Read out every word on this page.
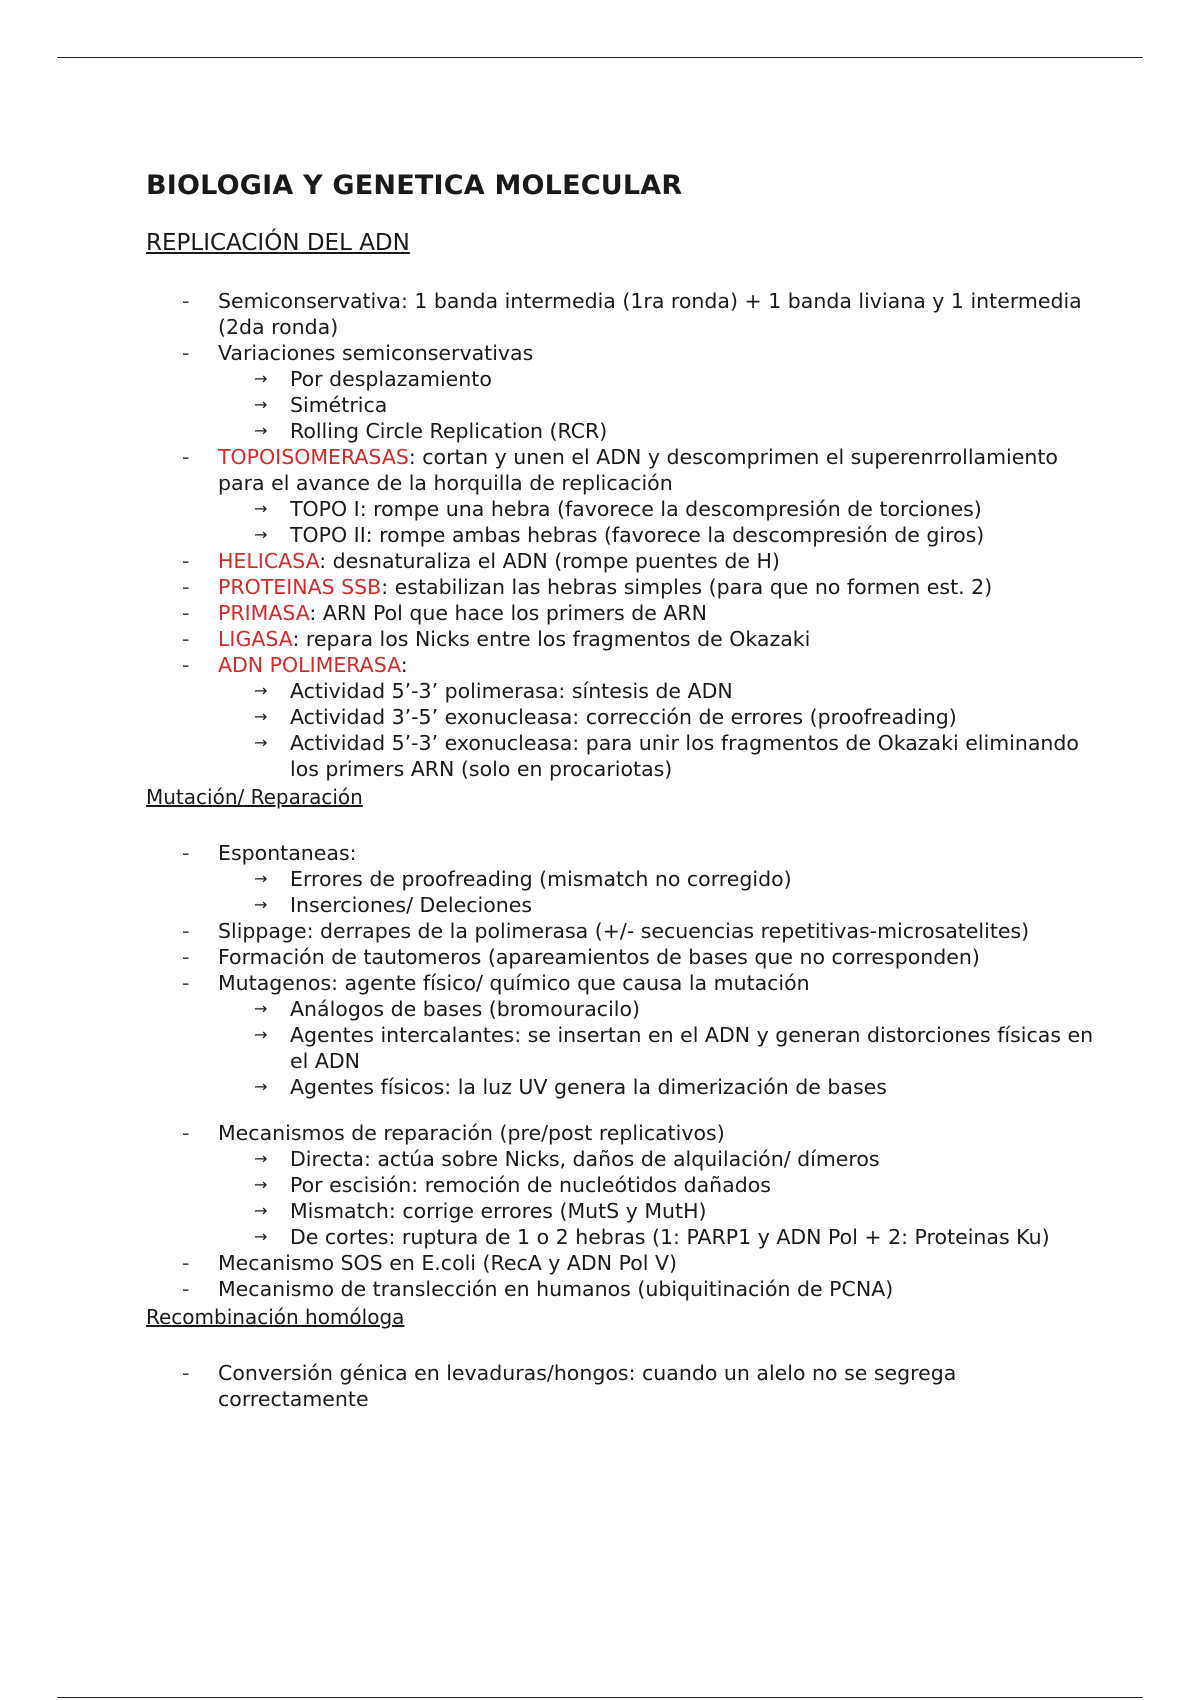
BIOLOGIA Y GENETICA MOLECULAR
REPLICACIÓN DEL ADN
- Semiconservativa: 1 banda intermedia (1ra ronda) + 1 banda liviana y 1 intermedia (2da ronda)
- Variaciones semiconservativas
→ Por desplazamiento
→ Simétrica
→ Rolling Circle Replication (RCR)
- TOPOISOMERASAS: cortan y unen el ADN y descomprimen el superenrrollamiento para el avance de la horquilla de replicación
→ TOPO I: rompe una hebra (favorece la descompresión de torciones)
→ TOPO II: rompe ambas hebras (favorece la descompresión de giros)
- HELICASA: desnaturaliza el ADN (rompe puentes de H)
- PROTEINAS SSB: estabilizan las hebras simples (para que no formen est. 2)
- PRIMASA: ARN Pol que hace los primers de ARN
- LIGASA: repara los Nicks entre los fragmentos de Okazaki
- ADN POLIMERASA:
→ Actividad 5’-3’ polimerasa: síntesis de ADN
→ Actividad 3’-5’ exonucleasa: corrección de errores (proofreading)
→ Actividad 5’-3’ exonucleasa: para unir los fragmentos de Okazaki eliminando los primers ARN (solo en procariotas)
Mutación/ Reparación
- Espontaneas:
→ Errores de proofreading (mismatch no corregido)
→ Inserciones/ Deleciones
- Slippage: derrapes de la polimerasa (+/- secuencias repetitivas-microsatelites)
- Formación de tautomeros (apareamientos de bases que no corresponden)
- Mutagenos: agente físico/ químico que causa la mutación
→ Análogos de bases (bromouracilo)
→ Agentes intercalantes: se insertan en el ADN y generan distorciones físicas en el ADN
→ Agentes físicos: la luz UV genera la dimerización de bases
- Mecanismos de reparación (pre/post replicativos)
→ Directa: actúa sobre Nicks, daños de alquilación/ dímeros
→ Por escisión: remoción de nucleótidos dañados
→ Mismatch: corrige errores (MutS y MutH)
→ De cortes: ruptura de 1 o 2 hebras (1: PARP1 y ADN Pol + 2: Proteinas Ku)
- Mecanismo SOS en E.coli (RecA y ADN Pol V)
- Mecanismo de translección en humanos (ubiquitinación de PCNA)
Recombinación homóloga
- Conversión génica en levaduras/hongos: cuando un alelo no se segrega correctamente
